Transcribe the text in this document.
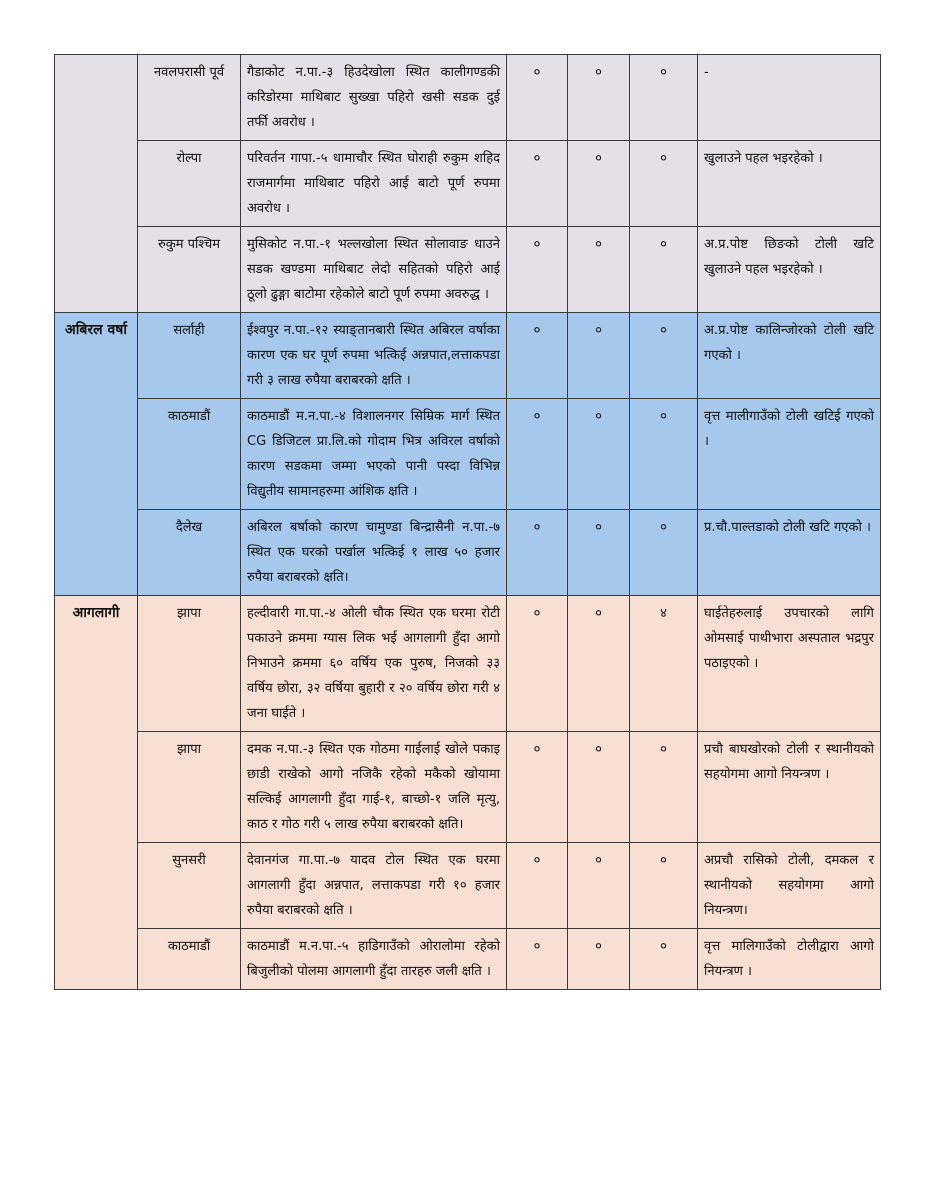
	नवलपरासी पूर्व	गैडाकोट न.पा.-३ हिउदेखोला स्थित कालीगण्डकी करिडोरमा माथिबाट सुख्खा पहिरो खसी सडक दुई तर्फी अवरोध ।	०	०	०	-
	रोल्पा	परिवर्तन गापा.-५ धामाचौर स्थित घोराही रुकुम शहिद राजमार्गमा माथिबाट पहिरो आई बाटो पूर्ण रुपमा अवरोध ।	०	०	०	खुलाउने पहल भइरहेको ।
	रुकुम पश्चिम	मुसिकोट न.पा.-१ भल्लखोला स्थित सोलावाङ धाउने सडक खण्डमा माथिबाट लेदो सहितको पहिरो आई ठूलो ढुङ्गा बाटोमा रहेकोले बाटो पूर्ण रुपमा अवरुद्ध ।	०	०	०	अ.प्र.पोष्ट छिङको टोली खटि खुलाउने पहल भइरहेको ।
अबिरल वर्षा	सर्लाही	ईश्वपुर न.पा.-१२ स्याङ्तानबारी स्थित अबिरल वर्षाका कारण एक घर पूर्ण रुपमा भत्किई अन्नपात,लत्ताकपडा गरी ३ लाख रुपैया बराबरको क्षति ।	०	०	०	अ.प्र.पोष्ट कालिन्जोरको टोली खटि गएको ।
	काठमाडौं	काठमाडौं म.न.पा.-४ विशालनगर सिम्रिक मार्ग स्थित CG डिजिटल प्रा.लि.को गोदाम भित्र अविरल वर्षाको कारण सडकमा जम्मा भएको पानी पस्दा विभिन्न विद्युतीय सामानहरुमा आंशिक क्षति ।	०	०	०	वृत्त मालीगाउँको टोली खटिई गएको ।
	दैलेख	अबिरल बर्षाको कारण चामुण्डा बिन्द्रासैनी न.पा.-७ स्थित एक घरको पर्खाल भत्किई १ लाख ५० हजार रुपैया बराबरको क्षति।	०	०	०	प्र.चौ.पाल्तडाको टोली खटि गएको ।
आगलागी	झापा	हल्दीवारी गा.पा.-४ ओली चौक स्थित एक घरमा रोटी पकाउने क्रममा ग्यास लिक भई आगलागी हुँदा आगो निभाउने क्रममा ६० वर्षिय एक पुरुष, निजको ३३ वर्षिय छोरा, ३२ वर्षिया बुहारी र २० वर्षिय छोरा गरी ४ जना घाईते ।	०	०	४	घाईतेहरुलाई उपचारको लागि ओमसाई पाथीभारा अस्पताल भद्रपुर पठाइएको ।
	झापा	दमक न.पा.-३ स्थित एक गोठमा गाईलाई खोले पकाइ छाडी राखेको आगो नजिकै रहेको मकैको खोयामा सल्किई आगलागी हुँदा गाई-१, बाच्छो-१ जलि मृत्यु, काठ र गोठ गरी ५ लाख रुपैया बराबरको क्षति।	०	०	०	प्रचौ बाघखोरको टोली र स्थानीयको सहयोगमा आगो नियन्त्रण ।
	सुनसरी	देवानगंज गा.पा.-७ यादव टोल स्थित एक घरमा आगलागी हुँदा अन्नपात, लत्ताकपडा गरी १० हजार रुपैया बराबरको क्षति ।	०	०	०	अप्रचौ रासिको टोली, दमकल र स्थानीयको सहयोगमा आगो नियन्त्रण।
	काठमाडौं	काठमाडौं म.न.पा.-५ हाडिगाउँको ओरालोमा रहेको बिजुलीको पोलमा आगलागी हुँदा तारहरु जली क्षति ।	०	०	०	वृत्त मालिगाउँको टोलीद्वारा आगो नियन्त्रण ।
